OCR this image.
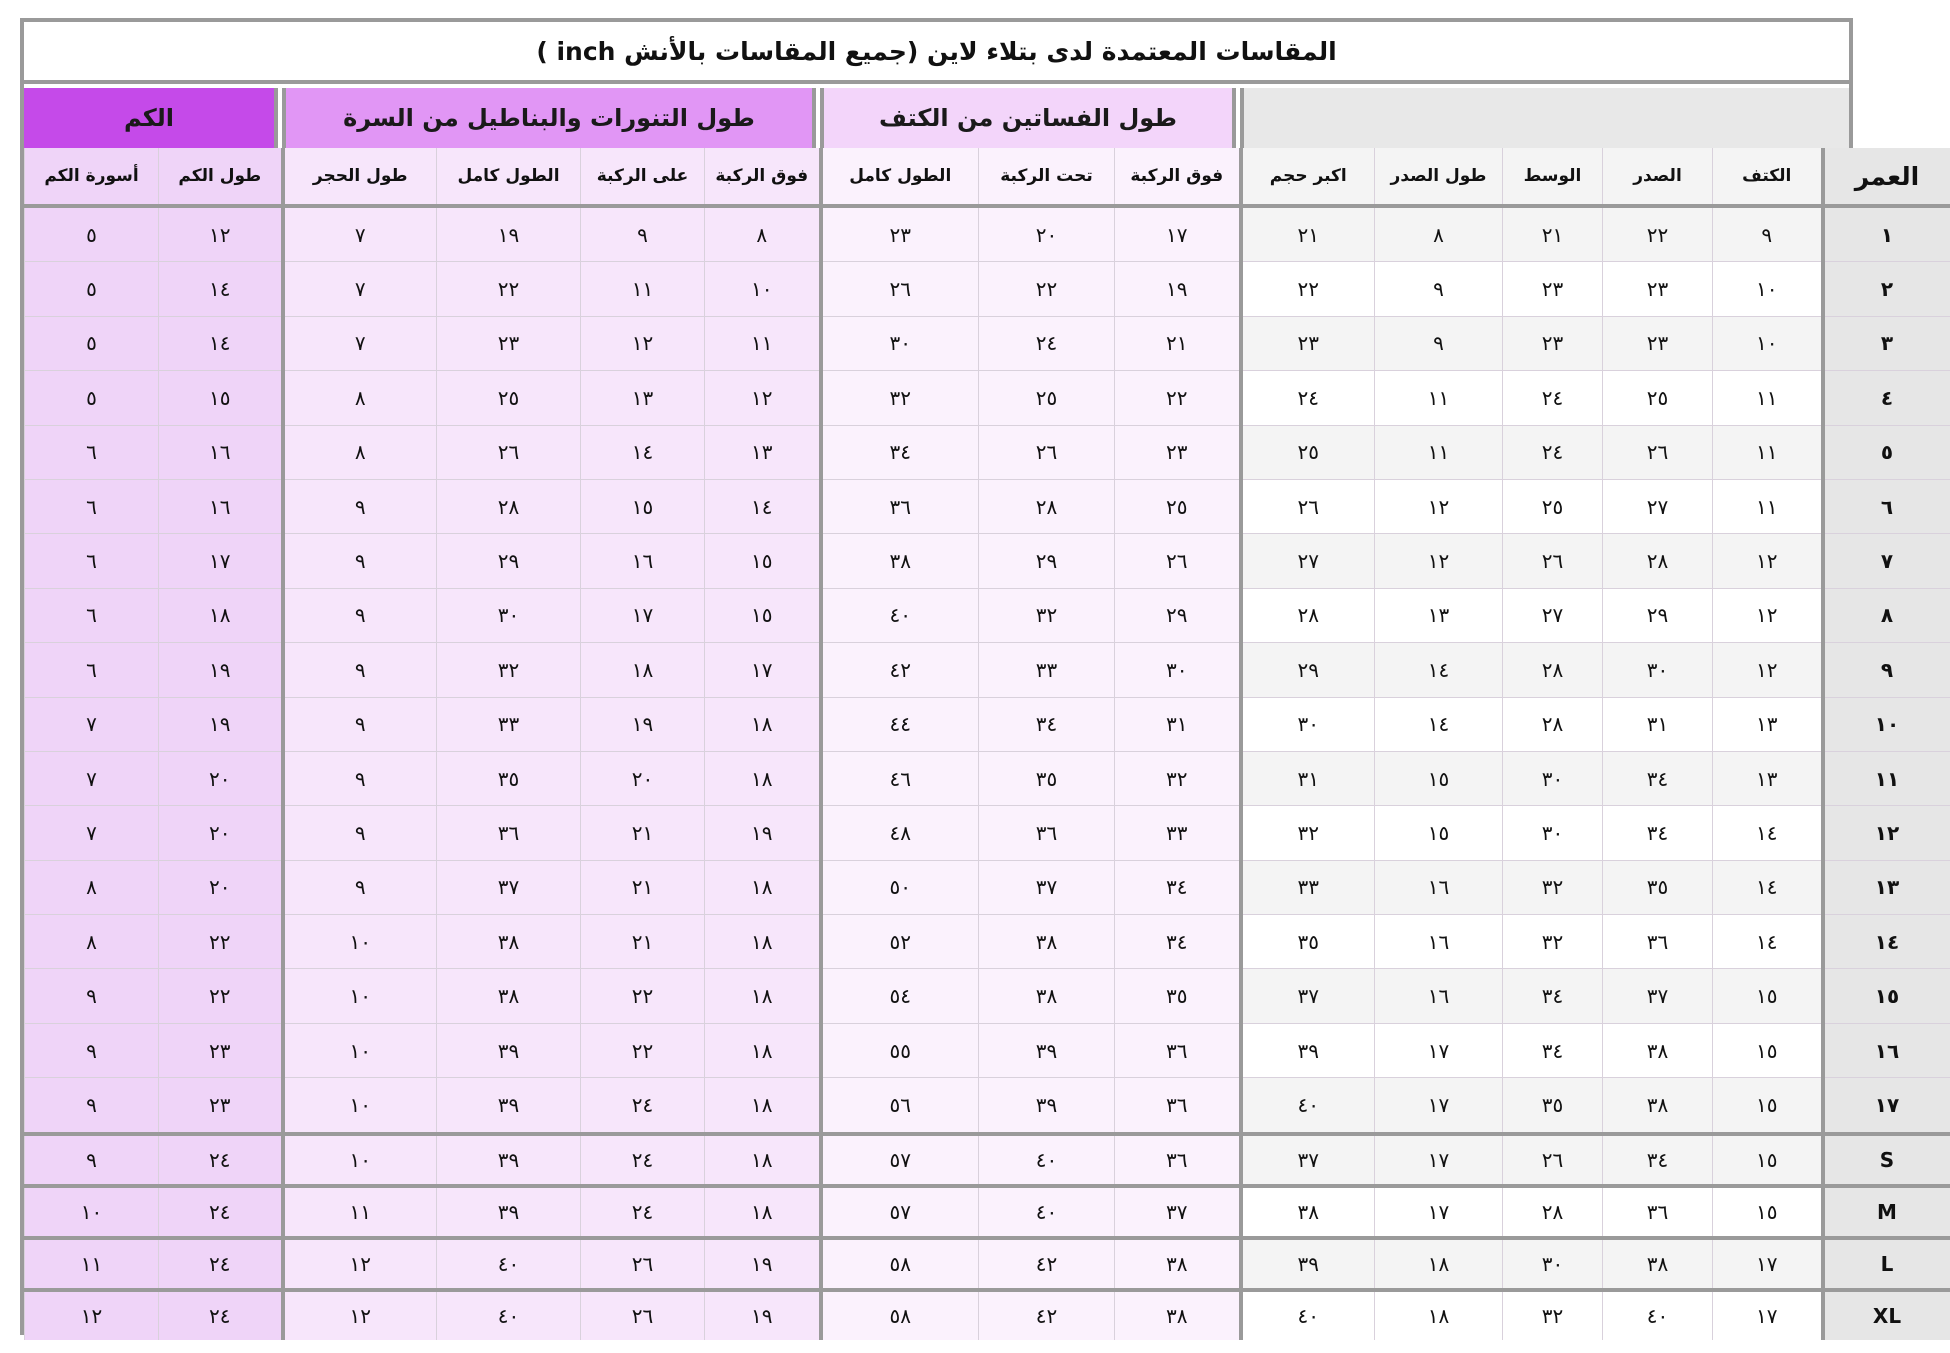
المقاسات المعتمدة لدى بتلاء لاين (جميع المقاسات بالأنش inch )
الكم	طول التنورات والبناطيل من السرة	طول الفساتين من الكتف
أسورة الكم	طول الكم	طول الحجر	الطول كامل	على الركبة	فوق الركبة	الطول كامل	تحت الركبة	فوق الركبة	اكبر حجم	طول الصدر	الوسط	الصدر	الكتف	العمر
٥	١٢	٧	١٩	٩	٨	٢٣	٢٠	١٧	٢١	٨	٢١	٢٢	٩	١
٥	١٤	٧	٢٢	١١	١٠	٢٦	٢٢	١٩	٢٢	٩	٢٣	٢٣	١٠	٢
٥	١٤	٧	٢٣	١٢	١١	٣٠	٢٤	٢١	٢٣	٩	٢٣	٢٣	١٠	٣
٥	١٥	٨	٢٥	١٣	١٢	٣٢	٢٥	٢٢	٢٤	١١	٢٤	٢٥	١١	٤
٦	١٦	٨	٢٦	١٤	١٣	٣٤	٢٦	٢٣	٢٥	١١	٢٤	٢٦	١١	٥
٦	١٦	٩	٢٨	١٥	١٤	٣٦	٢٨	٢٥	٢٦	١٢	٢٥	٢٧	١١	٦
٦	١٧	٩	٢٩	١٦	١٥	٣٨	٢٩	٢٦	٢٧	١٢	٢٦	٢٨	١٢	٧
٦	١٨	٩	٣٠	١٧	١٥	٤٠	٣٢	٢٩	٢٨	١٣	٢٧	٢٩	١٢	٨
٦	١٩	٩	٣٢	١٨	١٧	٤٢	٣٣	٣٠	٢٩	١٤	٢٨	٣٠	١٢	٩
٧	١٩	٩	٣٣	١٩	١٨	٤٤	٣٤	٣١	٣٠	١٤	٢٨	٣١	١٣	١٠
٧	٢٠	٩	٣٥	٢٠	١٨	٤٦	٣٥	٣٢	٣١	١٥	٣٠	٣٤	١٣	١١
٧	٢٠	٩	٣٦	٢١	١٩	٤٨	٣٦	٣٣	٣٢	١٥	٣٠	٣٤	١٤	١٢
٨	٢٠	٩	٣٧	٢١	١٨	٥٠	٣٧	٣٤	٣٣	١٦	٣٢	٣٥	١٤	١٣
٨	٢٢	١٠	٣٨	٢١	١٨	٥٢	٣٨	٣٤	٣٥	١٦	٣٢	٣٦	١٤	١٤
٩	٢٢	١٠	٣٨	٢٢	١٨	٥٤	٣٨	٣٥	٣٧	١٦	٣٤	٣٧	١٥	١٥
٩	٢٣	١٠	٣٩	٢٢	١٨	٥٥	٣٩	٣٦	٣٩	١٧	٣٤	٣٨	١٥	١٦
٩	٢٣	١٠	٣٩	٢٤	١٨	٥٦	٣٩	٣٦	٤٠	١٧	٣٥	٣٨	١٥	١٧
٩	٢٤	١٠	٣٩	٢٤	١٨	٥٧	٤٠	٣٦	٣٧	١٧	٢٦	٣٤	١٥	S
١٠	٢٤	١١	٣٩	٢٤	١٨	٥٧	٤٠	٣٧	٣٨	١٧	٢٨	٣٦	١٥	M
١١	٢٤	١٢	٤٠	٢٦	١٩	٥٨	٤٢	٣٨	٣٩	١٨	٣٠	٣٨	١٧	L
١٢	٢٤	١٢	٤٠	٢٦	١٩	٥٨	٤٢	٣٨	٤٠	١٨	٣٢	٤٠	١٧	XL
